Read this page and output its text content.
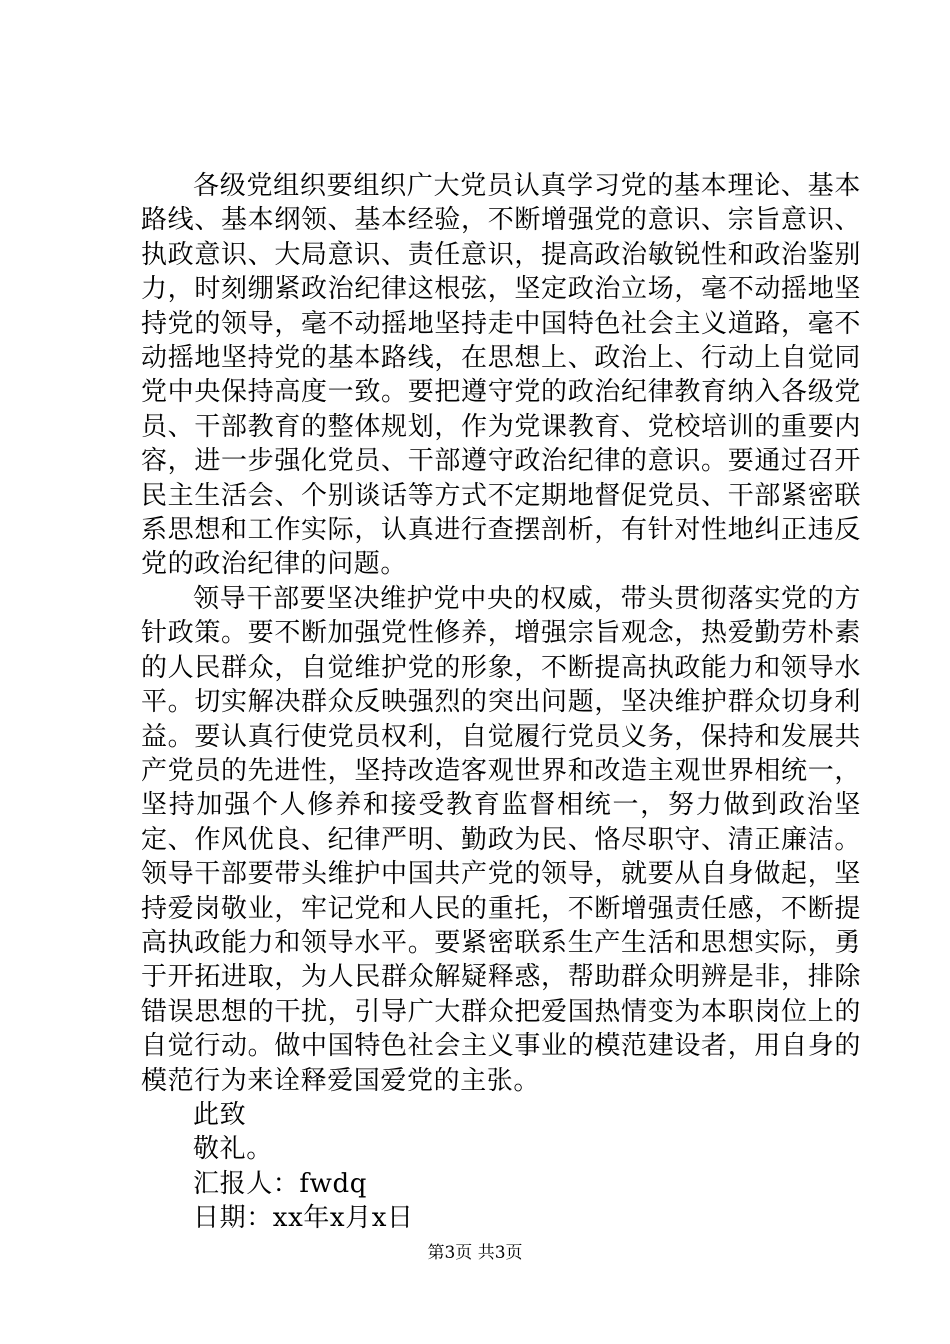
各级党组织要组织广大党员认真学习党的基本理论、基本路线、基本纲领、基本经验，不断增强党的意识、宗旨意识、执政意识、大局意识、责任意识，提高政治敏锐性和政治鉴别力，时刻绷紧政治纪律这根弦，坚定政治立场，毫不动摇地坚持党的领导，毫不动摇地坚持走中国特色社会主义道路，毫不动摇地坚持党的基本路线，在思想上、政治上、行动上自觉同党中央保持高度一致。要把遵守党的政治纪律教育纳入各级党员、干部教育的整体规划，作为党课教育、党校培训的重要内容，进一步强化党员、干部遵守政治纪律的意识。要通过召开民主生活会、个别谈话等方式不定期地督促党员、干部紧密联系思想和工作实际，认真进行查摆剖析，有针对性地纠正违反党的政治纪律的问题。

领导干部要坚决维护党中央的权威，带头贯彻落实党的方针政策。要不断加强党性修养，增强宗旨观念，热爱勤劳朴素的人民群众，自觉维护党的形象，不断提高执政能力和领导水平。切实解决群众反映强烈的突出问题，坚决维护群众切身利益。要认真行使党员权利，自觉履行党员义务，保持和发展共产党员的先进性，坚持改造客观世界和改造主观世界相统一，坚持加强个人修养和接受教育监督相统一，努力做到政治坚定、作风优良、纪律严明、勤政为民、恪尽职守、清正廉洁。领导干部要带头维护中国共产党的领导，就要从自身做起，坚持爱岗敬业，牢记党和人民的重托，不断增强责任感，不断提高执政能力和领导水平。要紧密联系生产生活和思想实际，勇于开拓进取，为人民群众解疑释惑，帮助群众明辨是非，排除错误思想的干扰，引导广大群众把爱国热情变为本职岗位上的自觉行动。做中国特色社会主义事业的模范建设者，用自身的模范行为来诠释爱国爱党的主张。

此致

敬礼。

汇报人：fwdq

日期：xx年x月x日

第3页 共3页
